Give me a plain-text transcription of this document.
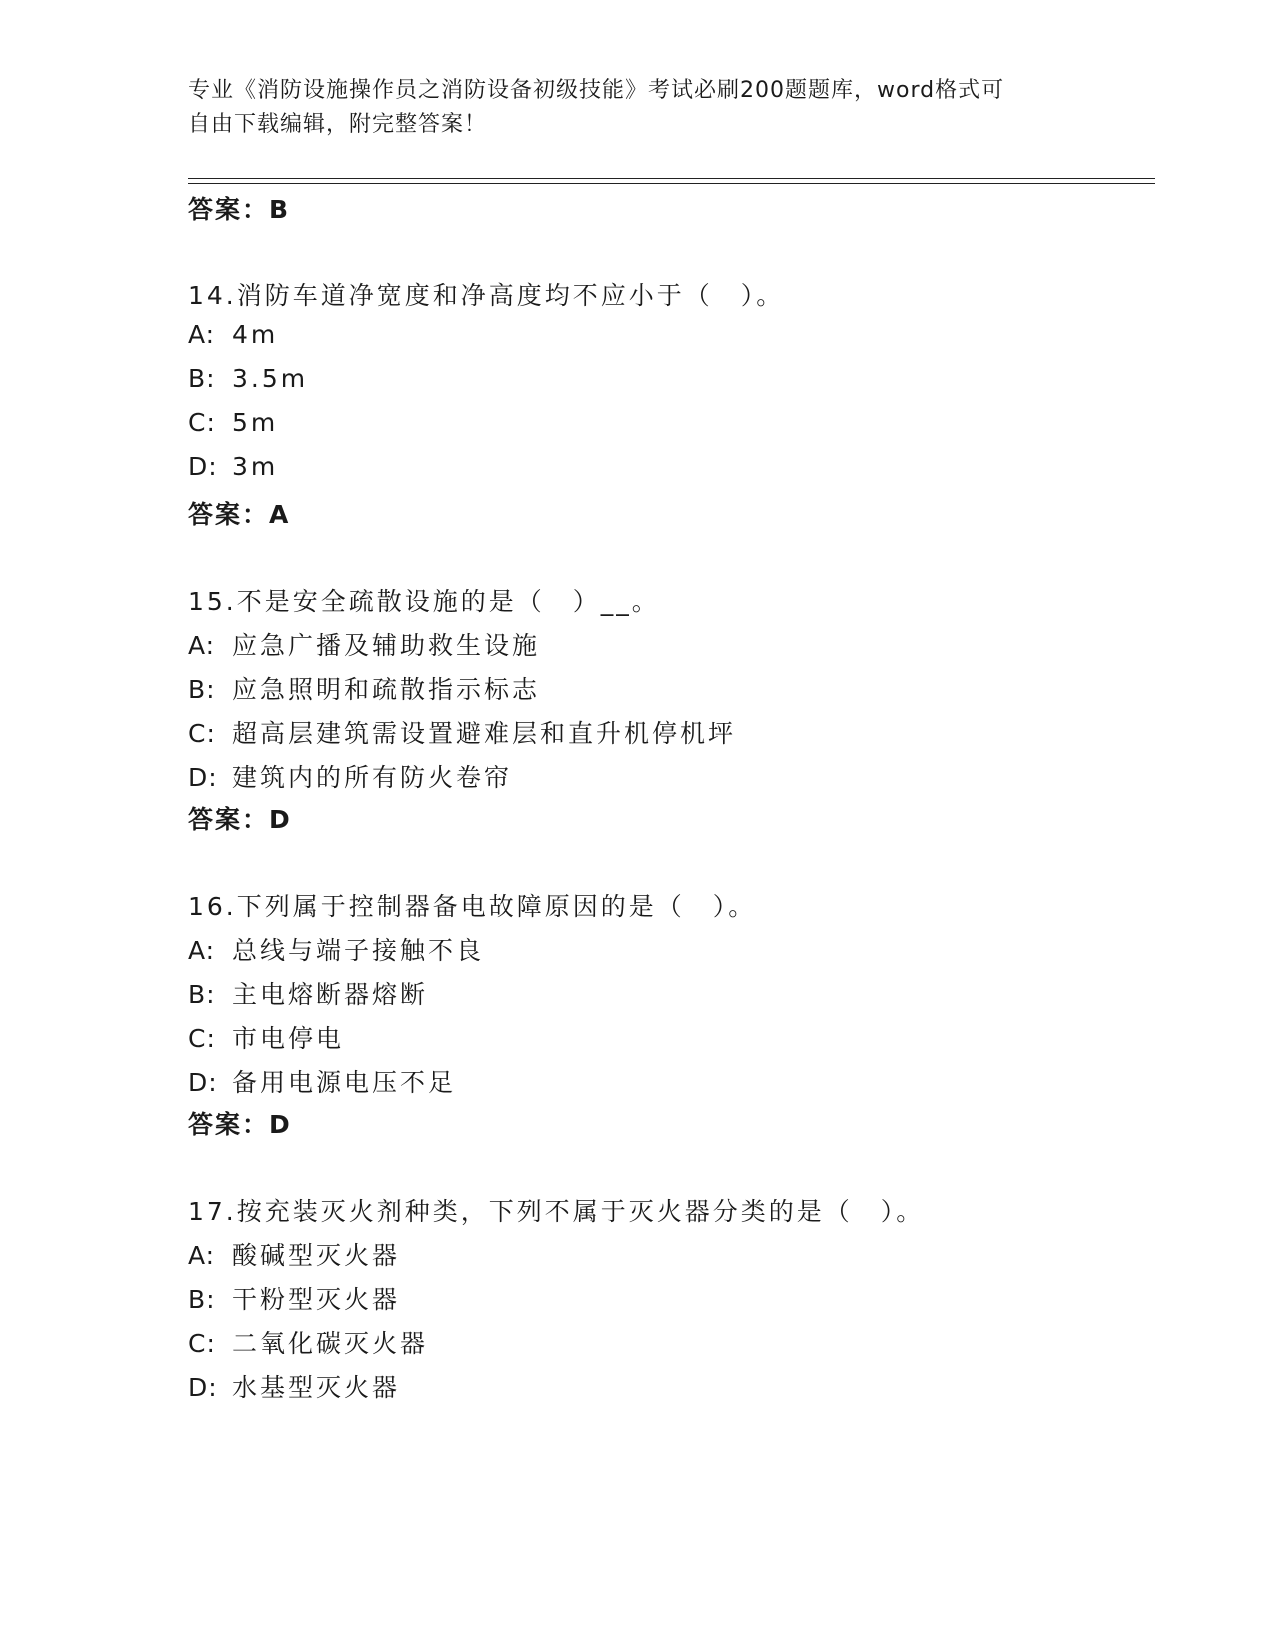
专业《消防设施操作员之消防设备初级技能》考试必刷200题题库，word格式可
自由下载编辑，附完整答案！
答案：B
14.消防车道净宽度和净高度均不应小于（　）。
A: 4m
B: 3.5m
C: 5m
D: 3m
答案：A
15.不是安全疏散设施的是（　）__。
A: 应急广播及辅助救生设施
B: 应急照明和疏散指示标志
C: 超高层建筑需设置避难层和直升机停机坪
D: 建筑内的所有防火卷帘
答案：D
16.下列属于控制器备电故障原因的是（　）。
A: 总线与端子接触不良
B: 主电熔断器熔断
C: 市电停电
D: 备用电源电压不足
答案：D
17.按充装灭火剂种类，下列不属于灭火器分类的是（　）。
A: 酸碱型灭火器
B: 干粉型灭火器
C: 二氧化碳灭火器
D: 水基型灭火器
